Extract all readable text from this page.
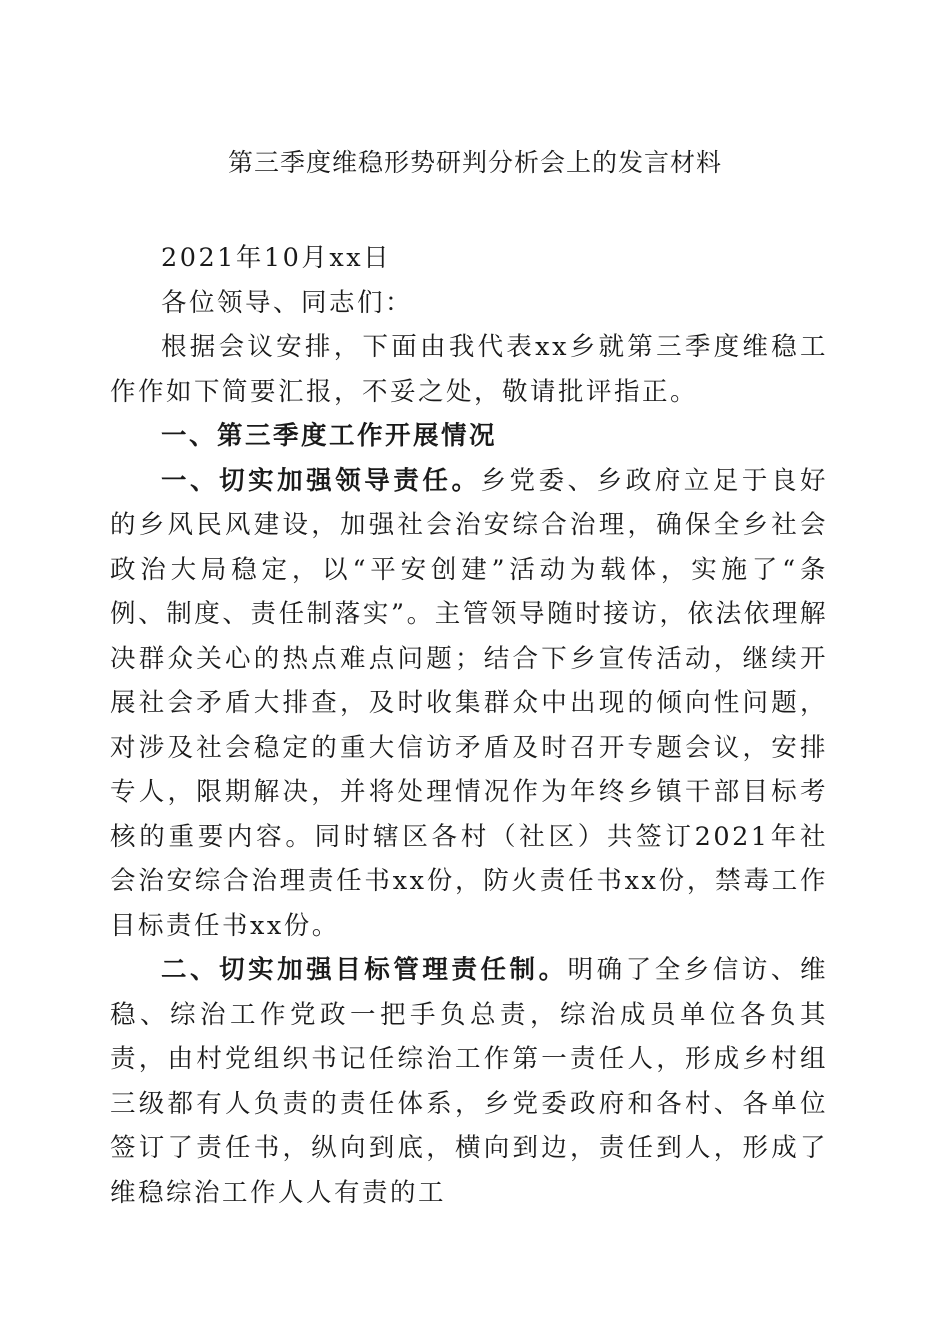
第三季度维稳形势研判分析会上的发言材料

2021年10月xx日

各位领导、同志们：

根据会议安排，下面由我代表xx乡就第三季度维稳工作作如下简要汇报，不妥之处，敬请批评指正。

一、第三季度工作开展情况

一、切实加强领导责任。乡党委、乡政府立足于良好的乡风民风建设，加强社会治安综合治理，确保全乡社会政治大局稳定，以“平安创建”活动为载体，实施了“条例、制度、责任制落实”。主管领导随时接访，依法依理解决群众关心的热点难点问题；结合下乡宣传活动，继续开展社会矛盾大排查，及时收集群众中出现的倾向性问题，对涉及社会稳定的重大信访矛盾及时召开专题会议，安排专人，限期解决，并将处理情况作为年终乡镇干部目标考核的重要内容。同时辖区各村（社区）共签订2021年社会治安综合治理责任书xx份，防火责任书xx份，禁毒工作目标责任书xx份。

二、切实加强目标管理责任制。明确了全乡信访、维稳、综治工作党政一把手负总责，综治成员单位各负其责，由村党组织书记任综治工作第一责任人，形成乡村组三级都有人负责的责任体系，乡党委政府和各村、各单位签订了责任书，纵向到底，横向到边，责任到人，形成了维稳综治工作人人有责的工
